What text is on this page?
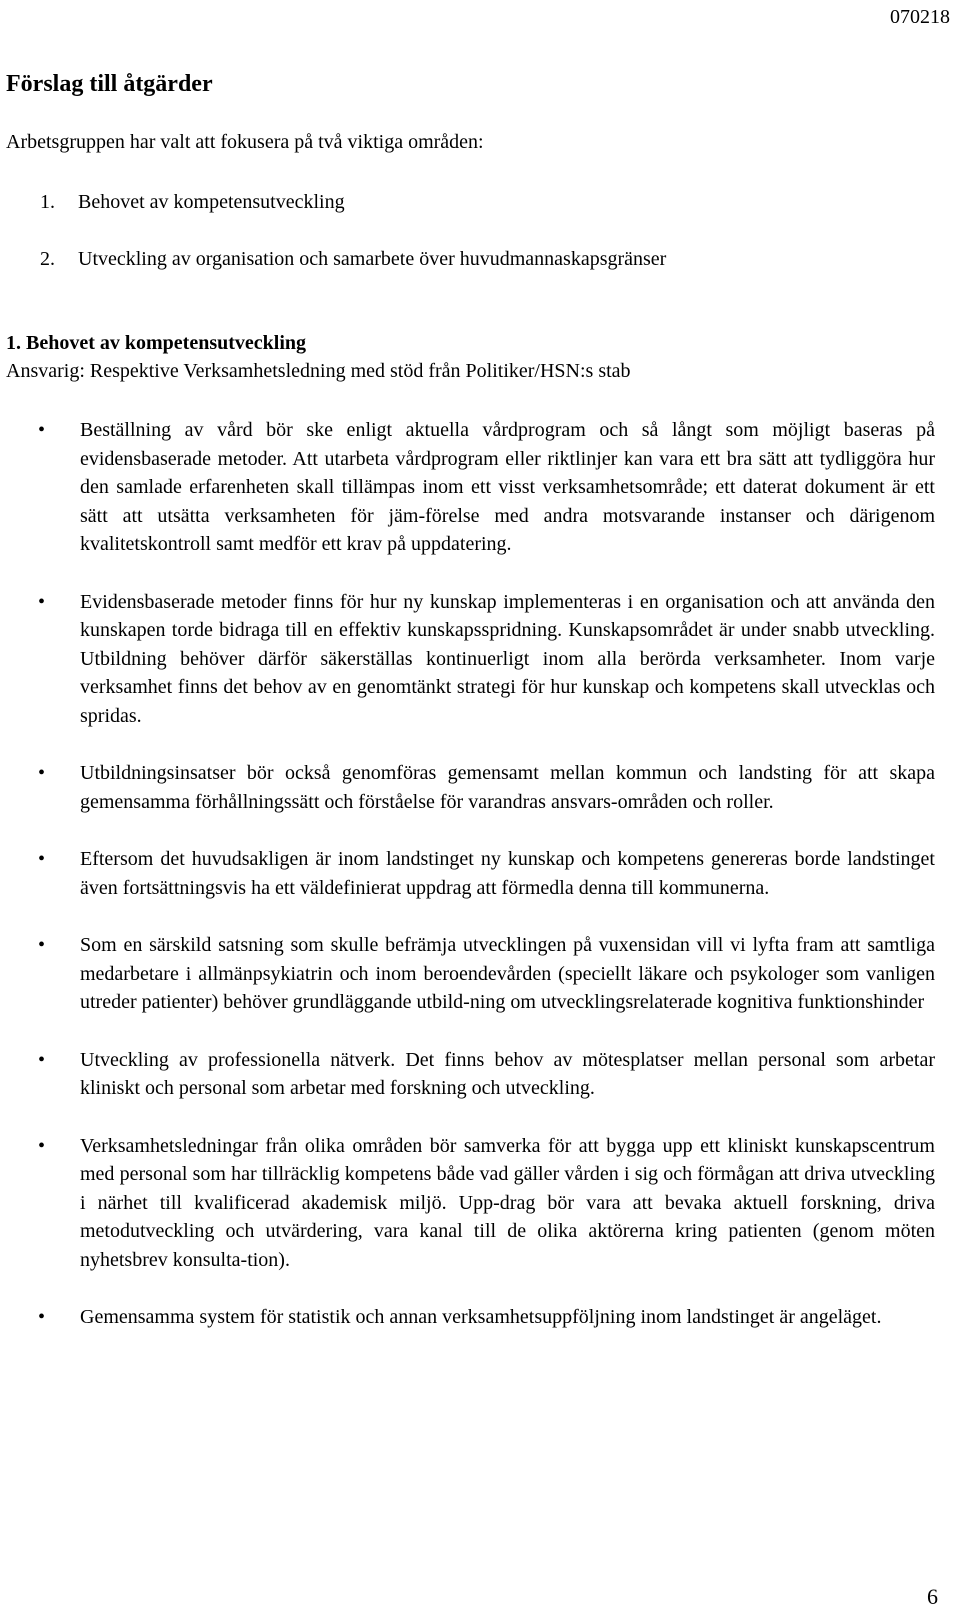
070218
Förslag till åtgärder

Arbetsgruppen har valt att fokusera på två viktiga områden:

1. Behovet av kompetensutveckling
2. Utveckling av organisation och samarbete över huvudmannaskapsgränser
1. Behovet av kompetensutveckling

Ansvarig: Respektive Verksamhetsledning med stöd från Politiker/HSN:s stab

• Beställning av vård bör ske enligt aktuella vårdprogram och så långt som möjligt baseras på evidensbaserade metoder. Att utarbeta vårdprogram eller riktlinjer kan vara ett bra sätt att tydliggöra hur den samlade erfarenheten skall tillämpas inom ett visst verksamhetsområde; ett daterat dokument är ett sätt att utsätta verksamheten för jäm-förelse med andra motsvarande instanser och därigenom kvalitetskontroll samt medför ett krav på uppdatering.
• Evidensbaserade metoder finns för hur ny kunskap implementeras i en organisation och att använda den kunskapen torde bidraga till en effektiv kunskapsspridning. Kunskapsområdet är under snabb utveckling. Utbildning behöver därför säkerställas kontinuerligt inom alla berörda verksamheter. Inom varje verksamhet finns det behov av en genomtänkt strategi för hur kunskap och kompetens skall utvecklas och spridas.
• Utbildningsinsatser bör också genomföras gemensamt mellan kommun och landsting för att skapa gemensamma förhållningssätt och förståelse för varandras ansvars-områden och roller.
• Eftersom det huvudsakligen är inom landstinget ny kunskap och kompetens genereras borde landstinget även fortsättningsvis ha ett väldefinierat uppdrag att förmedla denna till kommunerna.
• Som en särskild satsning som skulle befrämja utvecklingen på vuxensidan vill vi lyfta fram att samtliga medarbetare i allmänpsykiatrin och inom beroendevården (speciellt läkare och psykologer som vanligen utreder patienter) behöver grundläggande utbild-ning om utvecklingsrelaterade kognitiva funktionshinder
• Utveckling av professionella nätverk. Det finns behov av mötesplatser mellan personal som arbetar kliniskt och personal som arbetar med forskning och utveckling.
• Verksamhetsledningar från olika områden bör samverka för att bygga upp ett kliniskt kunskapscentrum med personal som har tillräcklig kompetens både vad gäller vården i sig och förmågan att driva utveckling i närhet till kvalificerad akademisk miljö. Upp-drag bör vara att bevaka aktuell forskning, driva metodutveckling och utvärdering, vara kanal till de olika aktörerna kring patienten (genom möten nyhetsbrev konsulta-tion).
• Gemensamma system för statistik och annan verksamhetsuppföljning inom landstinget är angeläget.
6
